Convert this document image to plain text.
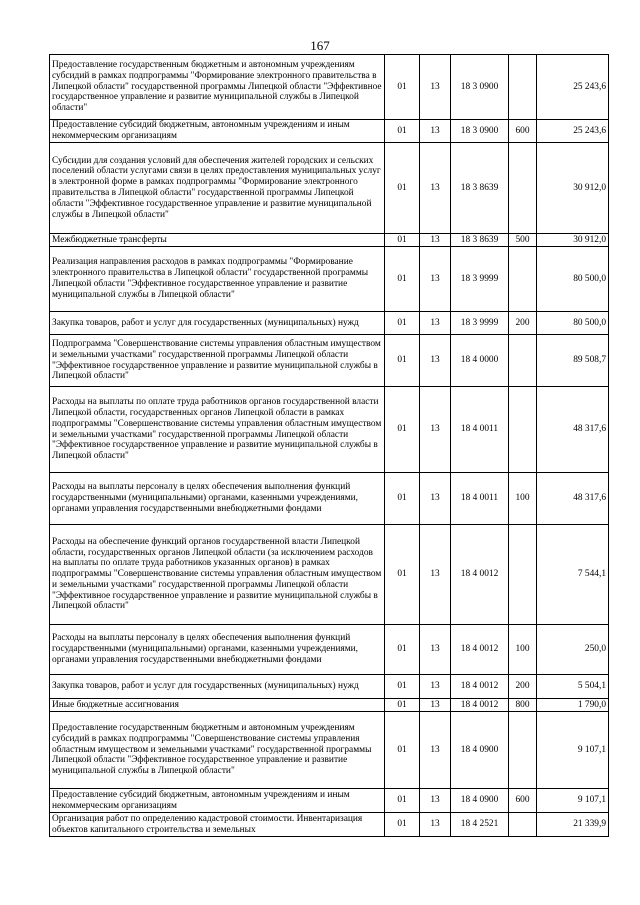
167
Предоставление государственным бюджетным и автономным учреждениям субсидий в рамках подпрограммы "Формирование электронного правительства в Липецкой области" государственной программы Липецкой области "Эффективное государственное управление и развитие муниципальной службы в Липецкой области"	01	13	18 3 0900		25 243,6
Предоставление субсидий бюджетным, автономным учреждениям и иным некоммерческим организациям	01	13	18 3 0900	600	25 243,6
Субсидии для создания условий для обеспечения жителей городских и сельских поселений области услугами связи в целях предоставления муниципальных услуг в электронной форме в рамках подпрограммы "Формирование электронного правительства в Липецкой области" государственной программы Липецкой области "Эффективное государственное управление и развитие муниципальной службы в Липецкой области"	01	13	18 3 8639		30 912,0
Межбюджетные трансферты	01	13	18 3 8639	500	30 912,0
Реализация направления расходов в рамках подпрограммы "Формирование электронного правительства в Липецкой области" государственной программы Липецкой области "Эффективное государственное управление и развитие муниципальной службы в Липецкой области"	01	13	18 3 9999		80 500,0
Закупка товаров, работ и услуг для государственных (муниципальных) нужд	01	13	18 3 9999	200	80 500,0
Подпрограмма "Совершенствование системы управления областным имуществом и земельными участками" государственной программы Липецкой области "Эффективное государственное управление и развитие муниципальной службы в Липецкой области"	01	13	18 4 0000		89 508,7
Расходы на выплаты по оплате труда работников органов государственной власти Липецкой области, государственных органов Липецкой области в рамках подпрограммы "Совершенствование системы управления областным имуществом и земельными участками" государственной программы Липецкой области "Эффективное государственное управление и развитие муниципальной службы в Липецкой области"	01	13	18 4 0011		48 317,6
Расходы на выплаты персоналу в целях обеспечения выполнения функций государственными (муниципальными) органами, казенными учреждениями, органами управления государственными внебюджетными фондами	01	13	18 4 0011	100	48 317,6
Расходы на обеспечение функций органов государственной власти Липецкой области, государственных органов Липецкой области (за исключением расходов на выплаты по оплате труда работников указанных органов) в рамках подпрограммы "Совершенствование системы управления областным имуществом и земельными участками" государственной программы Липецкой области "Эффективное государственное управление и развитие муниципальной службы в Липецкой области"	01	13	18 4 0012		7 544,1
Расходы на выплаты персоналу в целях обеспечения выполнения функций государственными (муниципальными) органами, казенными учреждениями, органами управления государственными внебюджетными фондами	01	13	18 4 0012	100	250,0
Закупка товаров, работ и услуг для государственных (муниципальных) нужд	01	13	18 4 0012	200	5 504,1
Иные бюджетные ассигнования	01	13	18 4 0012	800	1 790,0
Предоставление государственным бюджетным и автономным учреждениям субсидий в рамках подпрограммы "Совершенствование системы управления областным имуществом и земельными участками" государственной программы Липецкой области "Эффективное государственное управление и развитие муниципальной службы в Липецкой области"	01	13	18 4 0900		9 107,1
Предоставление субсидий бюджетным, автономным учреждениям и иным некоммерческим организациям	01	13	18 4 0900	600	9 107,1
Организация работ по определению кадастровой стоимости. Инвентаризация объектов капитального строительства и земельных	01	13	18 4 2521		21 339,9
